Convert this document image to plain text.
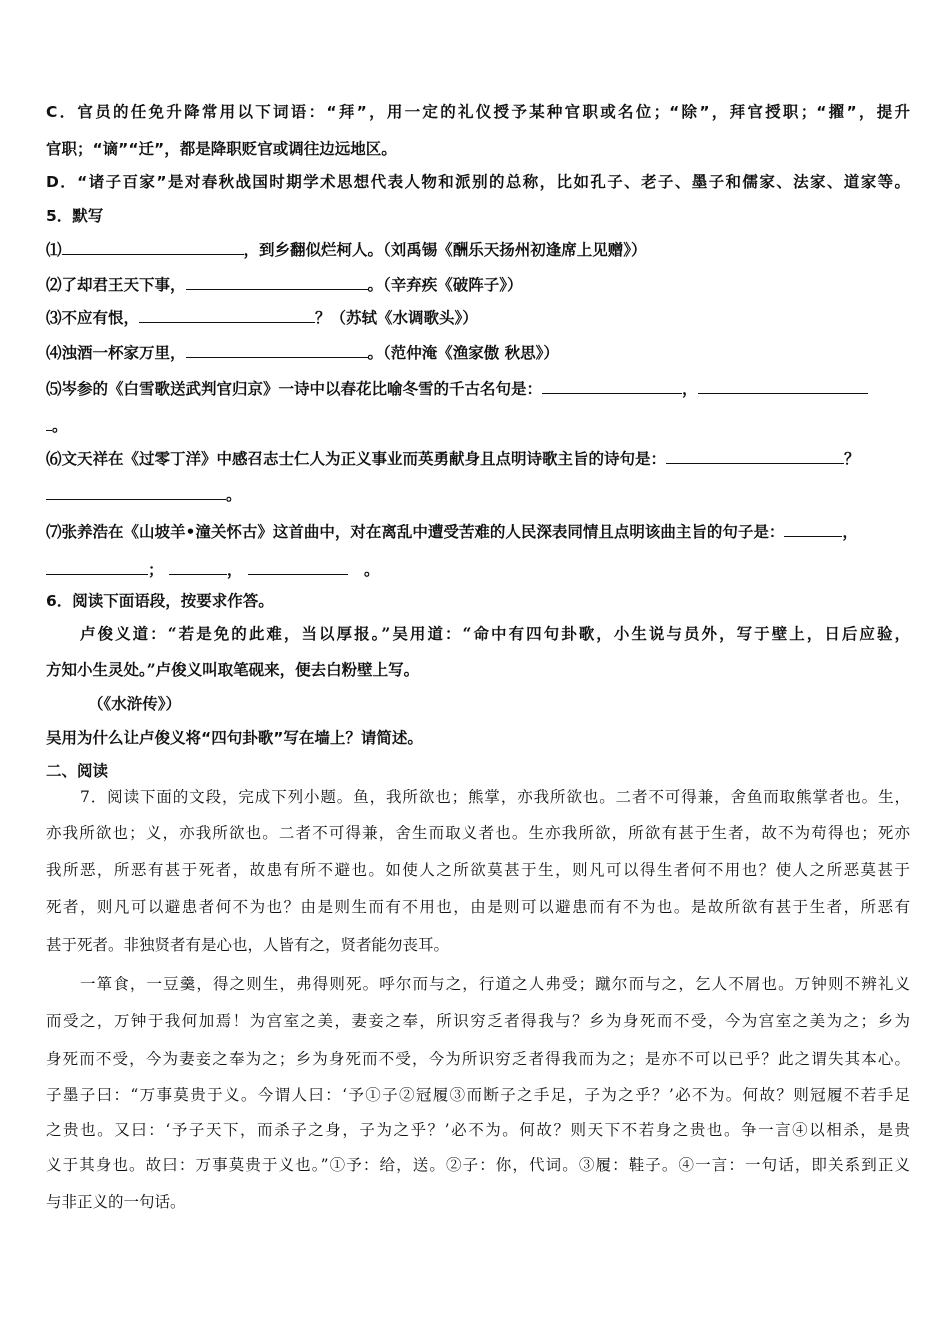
C．官员的任免升降常用以下词语：“拜”，用一定的礼仪授予某种官职或名位；“除”，拜官授职；“擢”，提升
官职；“谪”“迁”，都是降职贬官或调往边远地区。
D．“诸子百家”是对春秋战国时期学术思想代表人物和派别的总称，比如孔子、老子、墨子和儒家、法家、道家等。
5．默写
⑴	，到乡翻似烂柯人。（刘禹锡《酬乐天扬州初逢席上见赠》）
⑵了却君王天下事，	。（辛弃疾《破阵子》）
⑶不应有恨，	？（苏轼《水调歌头》）
⑷浊酒一杯家万里，	。（范仲淹《渔家傲 秋思》）
⑸岑参的《白雪歌送武判官归京》一诗中以春花比喻冬雪的千古名句是：	，
。
⑹文天祥在《过零丁洋》中感召志士仁人为正义事业而英勇献身且点明诗歌主旨的诗句是：	？
。
⑺张养浩在《山坡羊•潼关怀古》这首曲中，对在离乱中遭受苦难的人民深表同情且点明该曲主旨的句子是：	，
；	，	。
6．阅读下面语段，按要求作答。
卢俊义道：“若是免的此难，当以厚报。”吴用道：“命中有四句卦歌，小生说与员外，写于壁上，日后应验，
方知小生灵处。”卢俊义叫取笔砚来，便去白粉壁上写。
（《水浒传》）
吴用为什么让卢俊义将“四句卦歌”写在墙上？请简述。
二、阅读
7．阅读下面的文段，完成下列小题。鱼，我所欲也；熊掌，亦我所欲也。二者不可得兼，舍鱼而取熊掌者也。生，
亦我所欲也；义，亦我所欲也。二者不可得兼，舍生而取义者也。生亦我所欲，所欲有甚于生者，故不为苟得也；死亦
我所恶，所恶有甚于死者，故患有所不避也。如使人之所欲莫甚于生，则凡可以得生者何不用也？使人之所恶莫甚于
死者，则凡可以避患者何不为也？由是则生而有不用也，由是则可以避患而有不为也。是故所欲有甚于生者，所恶有
甚于死者。非独贤者有是心也，人皆有之，贤者能勿丧耳。
一箪食，一豆羹，得之则生，弗得则死。呼尔而与之，行道之人弗受；蹴尔而与之，乞人不屑也。万钟则不辨礼义
而受之，万钟于我何加焉！为宫室之美，妻妾之奉，所识穷乏者得我与？乡为身死而不受，今为宫室之美为之；乡为
身死而不受，今为妻妾之奉为之；乡为身死而不受，今为所识穷乏者得我而为之；是亦不可以已乎？此之谓失其本心。
子墨子曰：“万事莫贵于义。今谓人曰：‘予①子②冠履③而断子之手足，子为之乎？’必不为。何故？则冠履不若手足
之贵也。又曰：‘予子天下，而杀子之身，子为之乎？’必不为。何故？则天下不若身之贵也。争一言④以相杀，是贵
义于其身也。故曰：万事莫贵于义也。”①予：给，送。②子：你，代词。③履：鞋子。④一言：一句话，即关系到正义
与非正义的一句话。
